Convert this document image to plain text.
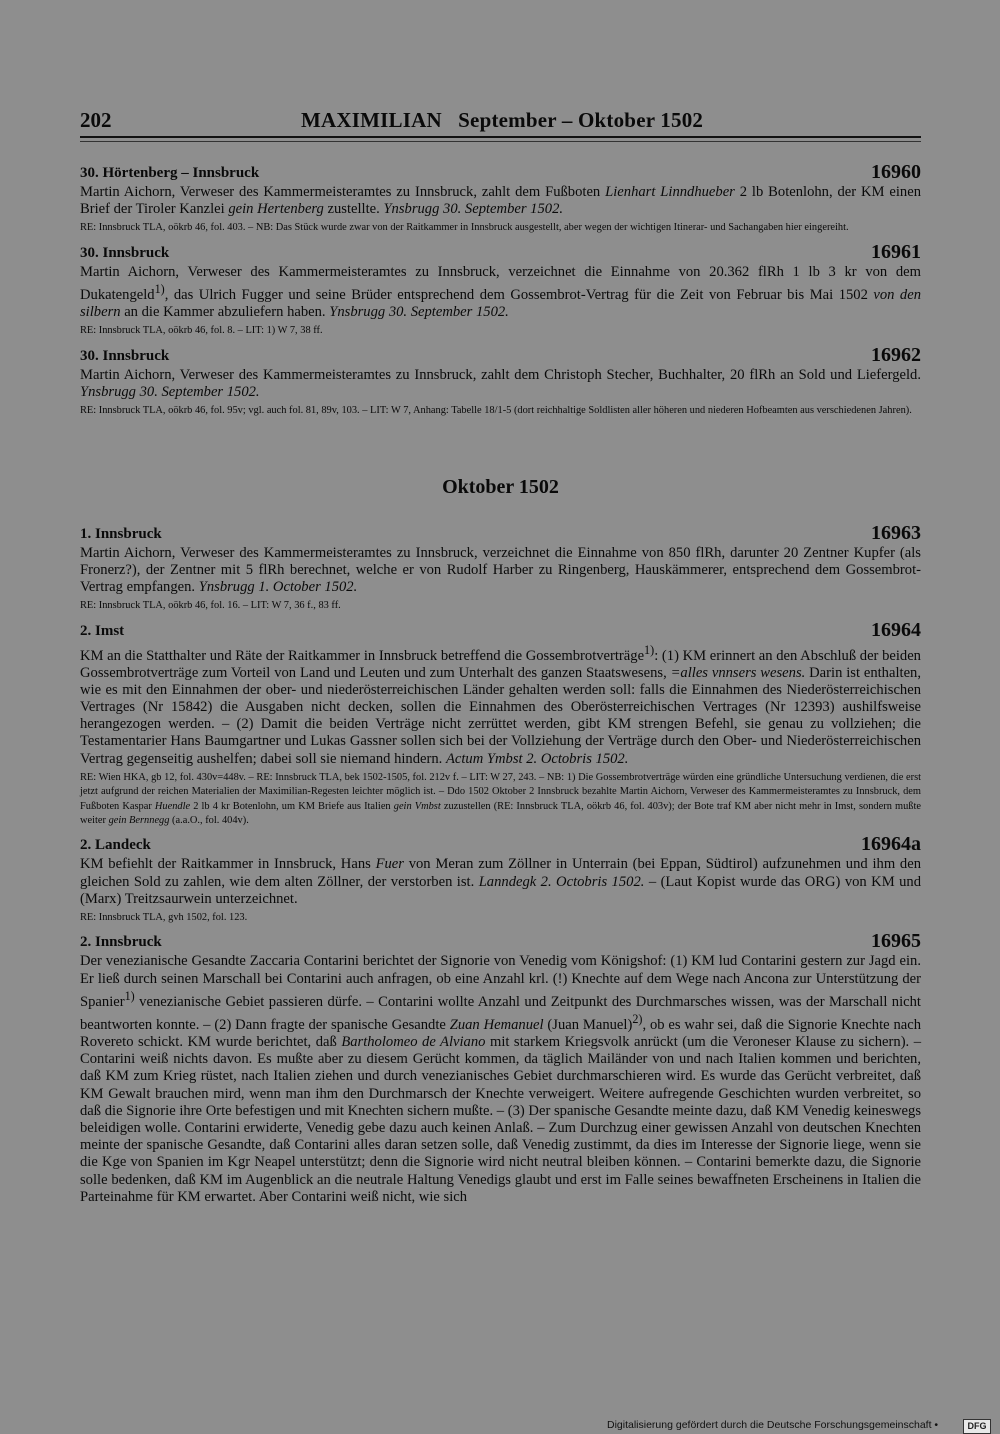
202	MAXIMILIAN   September – Oktober 1502
30. Hörtenberg – Innsbruck	16960

Martin Aichorn, Verweser des Kammermeisteramtes zu Innsbruck, zahlt dem Fußboten Lienhart Linndhueber 2 lb Botenlohn, der KM einen Brief der Tiroler Kanzlei gein Hertenberg zustellte. Ynsbrugg 30. September 1502.

RE: Innsbruck TLA, oökrb 46, fol. 403. – NB: Das Stück wurde zwar von der Raitkammer in Innsbruck ausgestellt, aber wegen der wichtigen Itinerar- und Sachangaben hier eingereiht.

30. Innsbruck	16961

Martin Aichorn, Verweser des Kammermeisteramtes zu Innsbruck, verzeichnet die Einnahme von 20.362 flRh 1 lb 3 kr von dem Dukatengeld$^{1)}$, das Ulrich Fugger und seine Brüder entsprechend dem Gossembrot-Vertrag für die Zeit von Februar bis Mai 1502 von den silbern an die Kammer abzuliefern haben. Ynsbrugg 30. September 1502.

RE: Innsbruck TLA, oökrb 46, fol. 8. – LIT: 1) W 7, 38 ff.

30. Innsbruck	16962

Martin Aichorn, Verweser des Kammermeisteramtes zu Innsbruck, zahlt dem Christoph Stecher, Buchhalter, 20 flRh an Sold und Liefergeld. Ynsbrugg 30. September 1502.

RE: Innsbruck TLA, oökrb 46, fol. 95v; vgl. auch fol. 81, 89v, 103. – LIT: W 7, Anhang: Tabelle 18/1-5 (dort reichhaltige Soldlisten aller höheren und niederen Hofbeamten aus verschiedenen Jahren).

Oktober 1502
1. Innsbruck	16963

Martin Aichorn, Verweser des Kammermeisteramtes zu Innsbruck, verzeichnet die Einnahme von 850 flRh, darunter 20 Zentner Kupfer (als Fronerz?), der Zentner mit 5 flRh berechnet, welche er von Rudolf Harber zu Ringenberg, Hauskämmerer, entsprechend dem Gossembrot-Vertrag empfangen. Ynsbrugg 1. October 1502.

RE: Innsbruck TLA, oökrb 46, fol. 16. – LIT: W 7, 36 f., 83 ff.

2. Imst	16964

KM an die Statthalter und Räte der Raitkammer in Innsbruck betreffend die Gossembrotverträge$^{1)}$: (1) KM erinnert an den Abschluß der beiden Gossembrotverträge zum Vorteil von Land und Leuten und zum Unterhalt des ganzen Staatswesens, =alles vnnsers wesens. Darin ist enthalten, wie es mit den Einnahmen der ober- und niederösterreichischen Länder gehalten werden soll: falls die Einnahmen des Niederösterreichischen Vertrages (Nr 15842) die Ausgaben nicht decken, sollen die Einnahmen des Oberösterreichischen Vertrages (Nr 12393) aushilfsweise herangezogen werden. – (2) Damit die beiden Verträge nicht zerrüttet werden, gibt KM strengen Befehl, sie genau zu vollziehen; die Testamentarier Hans Baumgartner und Lukas Gassner sollen sich bei der Vollziehung der Verträge durch den Ober- und Niederösterreichischen Vertrag gegenseitig aushelfen; dabei soll sie niemand hindern. Actum Ymbst 2. Octobris 1502.

RE: Wien HKA, gb 12, fol. 430v=448v. – RE: Innsbruck TLA, bek 1502-1505, fol. 212v f. – LIT: W 27, 243. – NB: 1) Die Gossembrotverträge würden eine gründliche Untersuchung verdienen, die erst jetzt aufgrund der reichen Materialien der Maximilian-Regesten leichter möglich ist. – Ddo 1502 Oktober 2 Innsbruck bezahlte Martin Aichorn, Verweser des Kammermeisteramtes zu Innsbruck, dem Fußboten Kaspar Huendle 2 lb 4 kr Botenlohn, um KM Briefe aus Italien gein Vmbst zuzustellen (RE: Innsbruck TLA, oökrb 46, fol. 403v); der Bote traf KM aber nicht mehr in Imst, sondern mußte weiter gein Bernnegg (a.a.O., fol. 404v).

2. Landeck	16964a

KM befiehlt der Raitkammer in Innsbruck, Hans Fuer von Meran zum Zöllner in Unterrain (bei Eppan, Südtirol) aufzunehmen und ihm den gleichen Sold zu zahlen, wie dem alten Zöllner, der verstorben ist. Lanndegk 2. Octobris 1502. – (Laut Kopist wurde das ORG) von KM und (Marx) Treitzsaurwein unterzeichnet.

RE: Innsbruck TLA, gvh 1502, fol. 123.

2. Innsbruck	16965

Der venezianische Gesandte Zaccaria Contarini berichtet der Signorie von Venedig vom Königshof: (1) KM lud Contarini gestern zur Jagd ein. Er ließ durch seinen Marschall bei Contarini auch anfragen, ob eine Anzahl krl. (!) Knechte auf dem Wege nach Ancona zur Unterstützung der Spanier$^{1)}$ venezianische Gebiet passieren dürfe. – Contarini wollte Anzahl und Zeitpunkt des Durchmarsches wissen, was der Marschall nicht beantworten konnte. – (2) Dann fragte der spanische Gesandte Zuan Hemanuel (Juan Manuel)$^{2)}$, ob es wahr sei, daß die Signorie Knechte nach Rovereto schickt. KM wurde berichtet, daß Bartholomeo de Alviano mit starkem Kriegsvolk anrückt (um die Veroneser Klause zu sichern). – Contarini weiß nichts davon. Es mußte aber zu diesem Gerücht kommen, da täglich Mailänder von und nach Italien kommen und berichten, daß KM zum Krieg rüstet, nach Italien ziehen und durch venezianisches Gebiet durchmarschieren wird. Es wurde das Gerücht verbreitet, daß KM Gewalt brauchen mird, wenn man ihm den Durchmarsch der Knechte verweigert. Weitere aufregende Geschichten wurden verbreitet, so daß die Signorie ihre Orte befestigen und mit Knechten sichern mußte. – (3) Der spanische Gesandte meinte dazu, daß KM Venedig keineswegs beleidigen wolle. Contarini erwiderte, Venedig gebe dazu auch keinen Anlaß. – Zum Durchzug einer gewissen Anzahl von deutschen Knechten meinte der spanische Gesandte, daß Contarini alles daran setzen solle, daß Venedig zustimmt, da dies im Interesse der Signorie liege, wenn sie die Kge von Spanien im Kgr Neapel unterstützt; denn die Signorie wird nicht neutral bleiben können. – Contarini bemerkte dazu, die Signorie solle bedenken, daß KM im Augenblick an die neutrale Haltung Venedigs glaubt und erst im Falle seines bewaffneten Erscheinens in Italien die Parteinahme für KM erwartet. Aber Contarini weiß nicht, wie sich

Digitalisierung gefördert durch die Deutsche Forschungsgemeinschaft •	DFG
